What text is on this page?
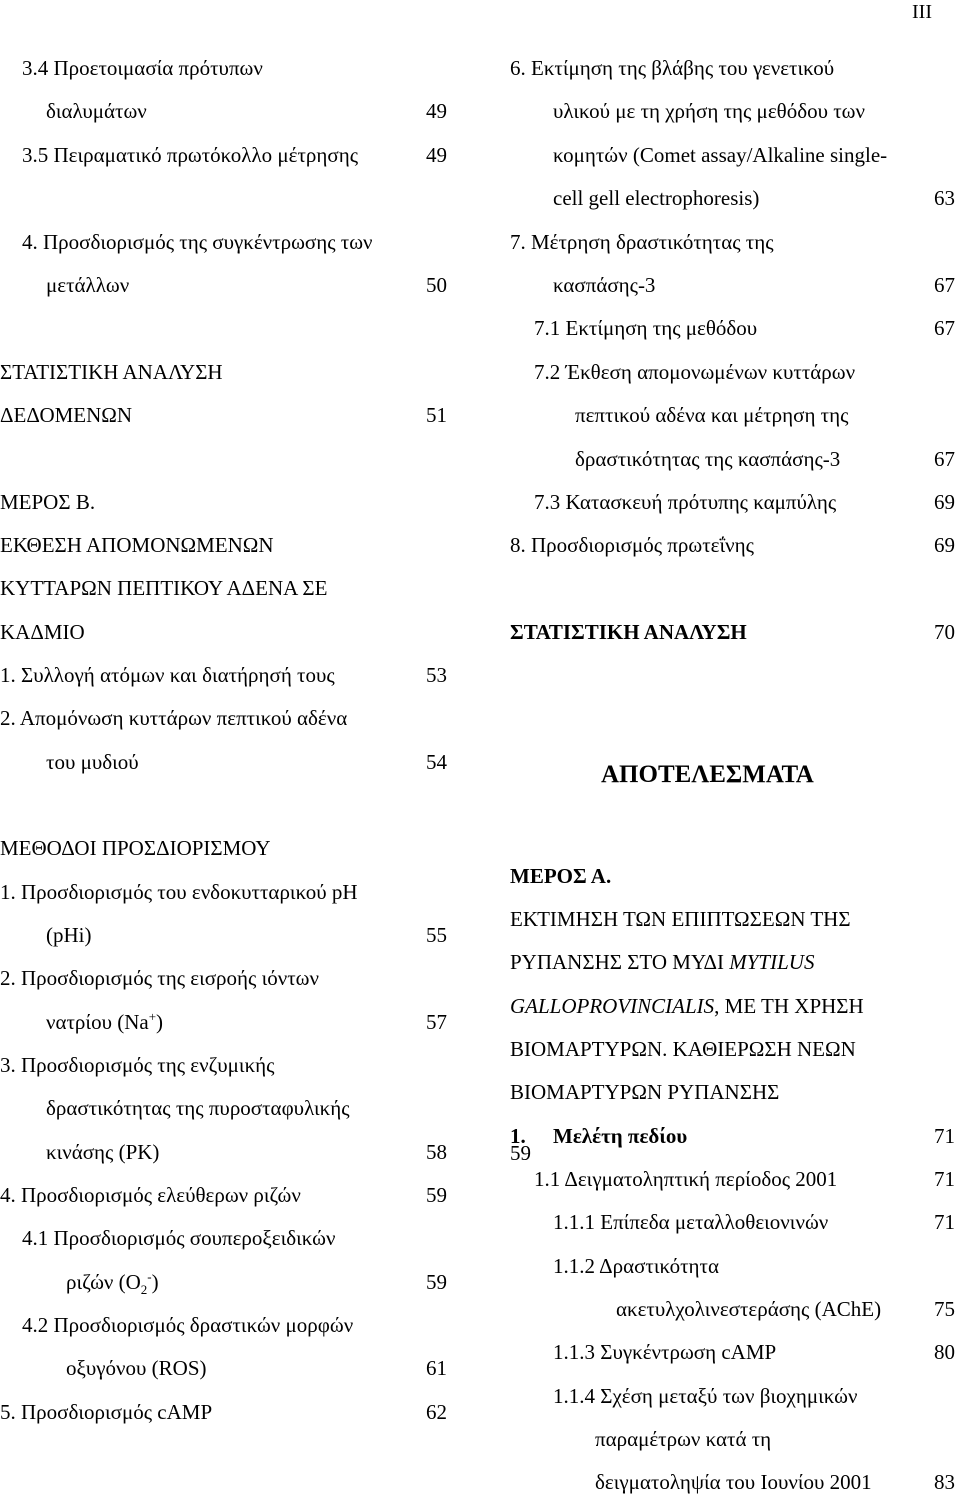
III
3.4 Προετοιμασία πρότυπων
διαλυμάτων	49
3.5 Πειραματικό πρωτόκολλο μέτρησης	49
4. Προσδιορισμός της συγκέντρωσης των
μετάλλων	50
ΣΤΑΤΙΣΤΙΚΗ ΑΝΑΛΥΣΗ
ΔΕΔΟΜΕΝΩΝ	51
ΜΕΡΟΣ Β.
ΕΚΘΕΣΗ ΑΠΟΜΟΝΩΜΕΝΩΝ
ΚΥΤΤΑΡΩΝ ΠΕΠΤΙΚΟΥ ΑΔΕΝΑ ΣΕ
ΚΑΔΜΙΟ
1. Συλλογή ατόμων και διατήρησή τους	53
2. Απομόνωση κυττάρων πεπτικού αδένα
του μυδιού	54
ΜΕΘΟΔΟΙ ΠΡΟΣΔΙΟΡΙΣΜΟΥ
1. Προσδιορισμός του ενδοκυτταρικού pH
(pHi)	55
2. Προσδιορισμός της εισροής ιόντων
νατρίου (Na+)	57
3. Προσδιορισμός της ενζυμικής
δραστικότητας της πυροσταφυλικής
κινάσης (PK)	58
4. Προσδιορισμός ελεύθερων ριζών	59
4.1 Προσδιορισμός σουπεροξειδικών
ριζών $(O_2^-)$	59
4.2 Προσδιορισμός δραστικών μορφών
οξυγόνου (ROS)	61
5. Προσδιορισμός cAMP	62
6. Εκτίμηση της βλάβης του γενετικού
υλικού με τη χρήση της μεθόδου των
κομητών (Comet assay/Alkaline single-
cell gell electrophoresis)	63
7. Μέτρηση δραστικότητας της
κασπάσης-3	67
7.1 Εκτίμηση της μεθόδου	67
7.2 Έκθεση απομονωμένων κυττάρων
πεπτικού αδένα και μέτρηση της
δραστικότητας της κασπάσης-3	67
7.3 Κατασκευή πρότυπης καμπύλης	69
8. Προσδιορισμός πρωτεΐνης	69
ΣΤΑΤΙΣΤΙΚΗ ΑΝΑΛΥΣΗ	70
ΑΠΟΤΕΛΕΣΜΑΤΑ
ΜΕΡΟΣ Α.
ΕΚΤΙΜΗΣΗ ΤΩΝ ΕΠΙΠΤΩΣΕΩΝ ΤΗΣ
ΡΥΠΑΝΣΗΣ ΣΤΟ ΜΥΔΙ MYTILUS
GALLOPROVINCIALIS, ΜΕ ΤΗ ΧΡΗΣΗ
ΒΙΟΜΑΡΤΥΡΩΝ. ΚΑΘΙΕΡΩΣΗ ΝΕΩΝ
ΒΙΟΜΑΡΤΥΡΩΝ ΡΥΠΑΝΣΗΣ
1. Μελέτη πεδίου	71
59
1.1 Δειγματοληπτική περίοδος 2001	71
1.1.1 Επίπεδα μεταλλοθειονινών	71
1.1.2 Δραστικότητα
ακετυλχολινεστεράσης (AChE)	75
1.1.3 Συγκέντρωση cAMP	80
1.1.4 Σχέση μεταξύ των βιοχημικών
παραμέτρων κατά τη
δειγματοληψία του Ιουνίου 2001	83
